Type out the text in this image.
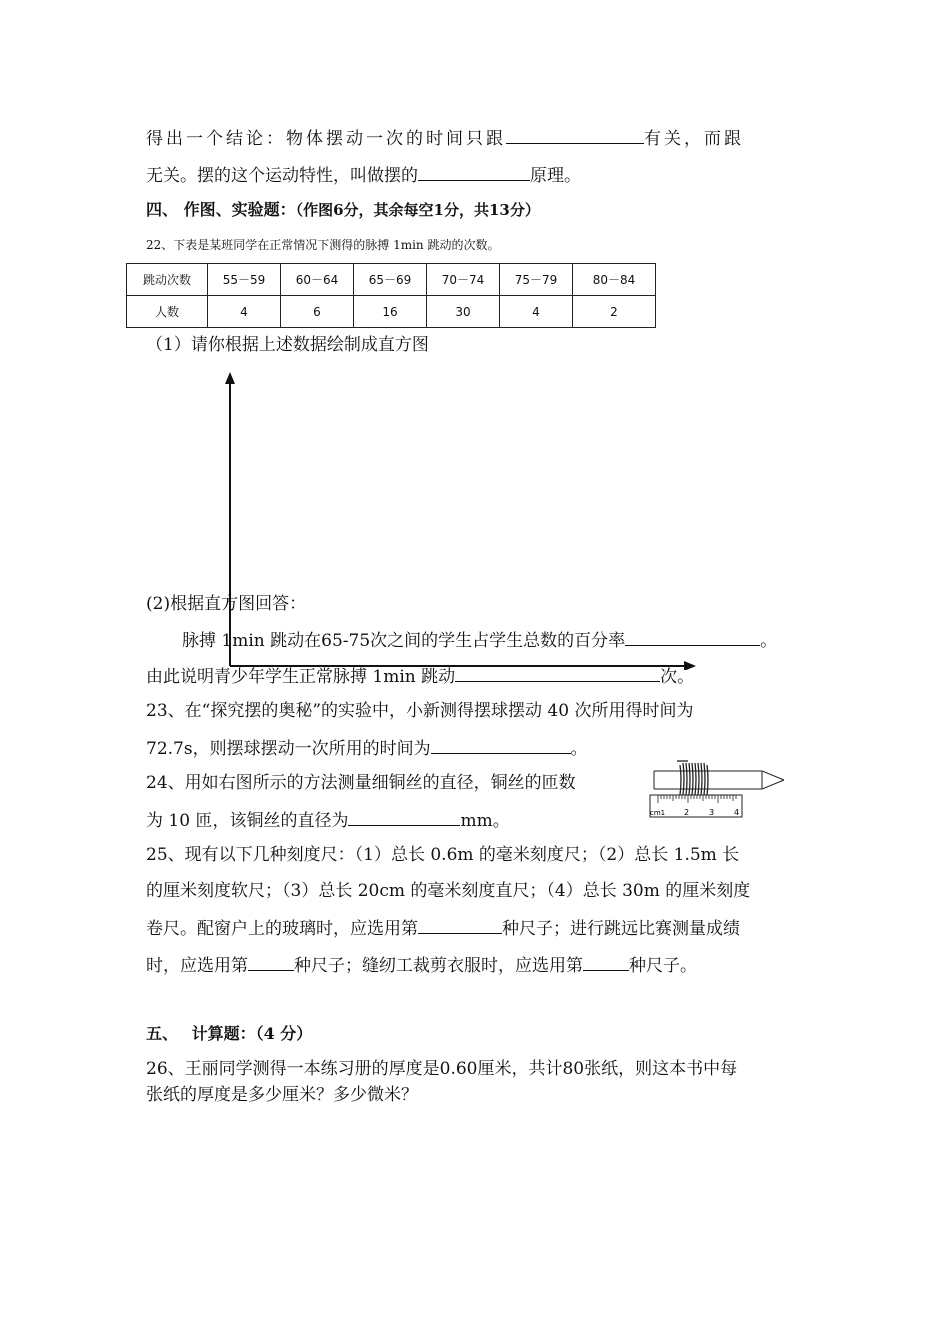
得出一个结论：物体摆动一次的时间只跟	有关，而跟
无关。摆的这个运动特性，叫做摆的	原理。
四、 作图、实验题：（作图6分，其余每空1分，共13分）
22、下表是某班同学在正常情况下测得的脉搏 1min 跳动的次数。
跳动次数	55－59	60－64	65－69	70－74	75－79	80－84
人数	4	6	16	30	4	2
（1）请你根据上述数据绘制成直方图
(2)根据直方图回答：
脉搏 1min 跳动在65-75次之间的学生占学生总数的百分率	。
由此说明青少年学生正常脉搏 1min 跳动	次。
23、在“探究摆的奥秘”的实验中，小新测得摆球摆动 40 次所用得时间为
72.7s，则摆球摆动一次所用的时间为	。
24、用如右图所示的方法测量细铜丝的直径，铜丝的匝数
为 10 匝，该铜丝的直径为	mm。	cm1 2 3 4
25、现有以下几种刻度尺：（1）总长 0.6m 的毫米刻度尺；（2）总长 1.5m 长
的厘米刻度软尺；（3）总长 20cm 的毫米刻度直尺；（4）总长 30m 的厘米刻度
卷尺。配窗户上的玻璃时，应选用第	种尺子；进行跳远比赛测量成绩
时，应选用第	种尺子；缝纫工裁剪衣服时，应选用第	种尺子。
五、　 计算题：（4 分）
26、王丽同学测得一本练习册的厚度是0.60厘米，共计80张纸，则这本书中每
张纸的厚度是多少厘米？多少微米？
